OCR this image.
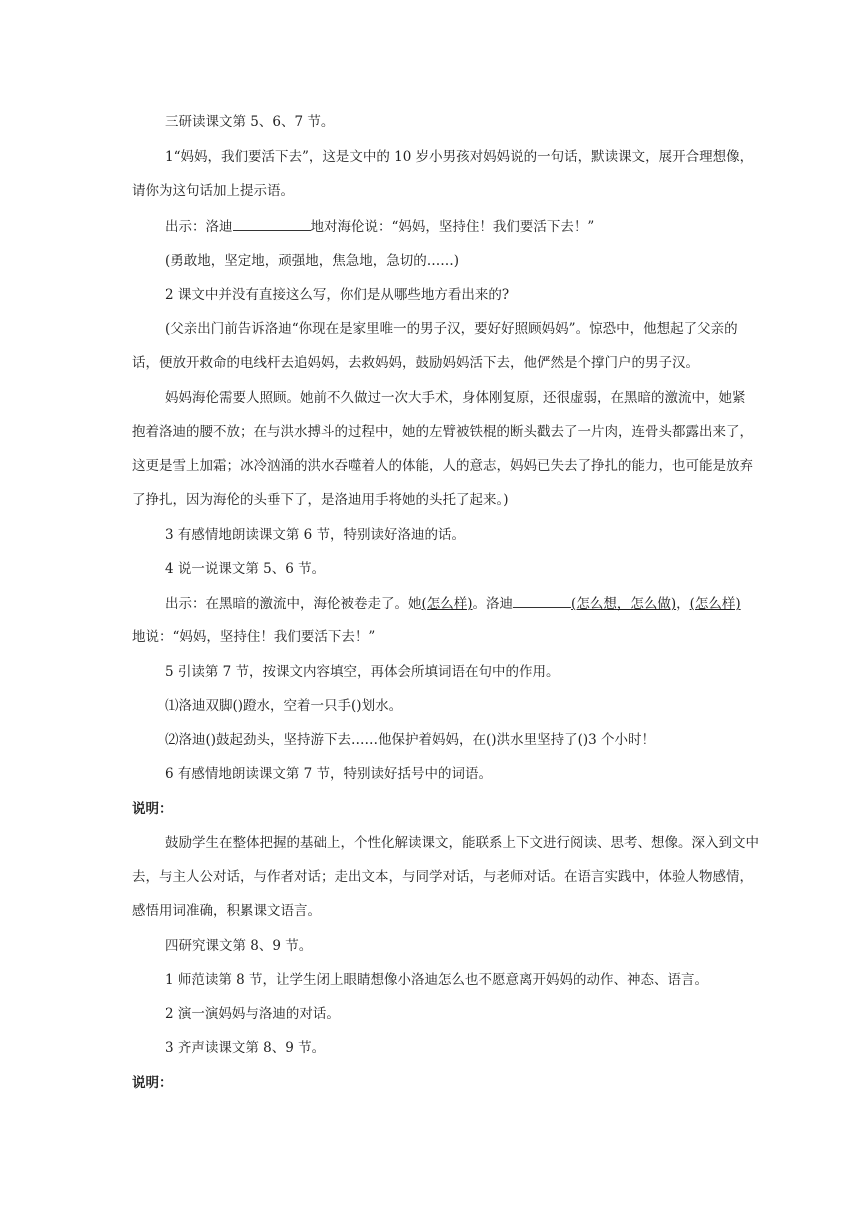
三研读课文第 5、6、7 节。
1“妈妈，我们要活下去”，这是文中的 10 岁小男孩对妈妈说的一句话，默读课文，展开合理想像，
请你为这句话加上提示语。
出示：洛迪	地对海伦说：“妈妈，坚持住！我们要活下去！”
(勇敢地，坚定地，顽强地，焦急地，急切的……)
2 课文中并没有直接这么写，你们是从哪些地方看出来的?
(父亲出门前告诉洛迪“你现在是家里唯一的男子汉，要好好照顾妈妈”。惊恐中，他想起了父亲的
话，便放开救命的电线杆去追妈妈，去救妈妈，鼓励妈妈活下去，他俨然是个撑门户的男子汉。
妈妈海伦需要人照顾。她前不久做过一次大手术，身体刚复原，还很虚弱，在黑暗的激流中，她紧
抱着洛迪的腰不放；在与洪水搏斗的过程中，她的左臂被铁棍的断头戳去了一片肉，连骨头都露出来了，
这更是雪上加霜；冰冷汹涌的洪水吞噬着人的体能，人的意志，妈妈已失去了挣扎的能力，也可能是放弃
了挣扎，因为海伦的头垂下了，是洛迪用手将她的头托了起来。)
3 有感情地朗读课文第 6 节，特别读好洛迪的话。
4 说一说课文第 5、6 节。
出示：在黑暗的激流中，海伦被卷走了。她(怎么样)。洛迪	(怎么想，怎么做)，(怎么样)
地说：“妈妈，坚持住！我们要活下去！”
5 引读第 7 节，按课文内容填空，再体会所填词语在句中的作用。
⑴洛迪双脚()蹬水，空着一只手()划水。
⑵洛迪()鼓起劲头，坚持游下去……他保护着妈妈，在()洪水里坚持了()3 个小时！
6 有感情地朗读课文第 7 节，特别读好括号中的词语。
说明：
鼓励学生在整体把握的基础上，个性化解读课文，能联系上下文进行阅读、思考、想像。深入到文中
去，与主人公对话，与作者对话；走出文本，与同学对话，与老师对话。在语言实践中，体验人物感情，
感悟用词准确，积累课文语言。
四研究课文第 8、9 节。
1 师范读第 8 节，让学生闭上眼睛想像小洛迪怎么也不愿意离开妈妈的动作、神态、语言。
2 演一演妈妈与洛迪的对话。
3 齐声读课文第 8、9 节。
说明：
